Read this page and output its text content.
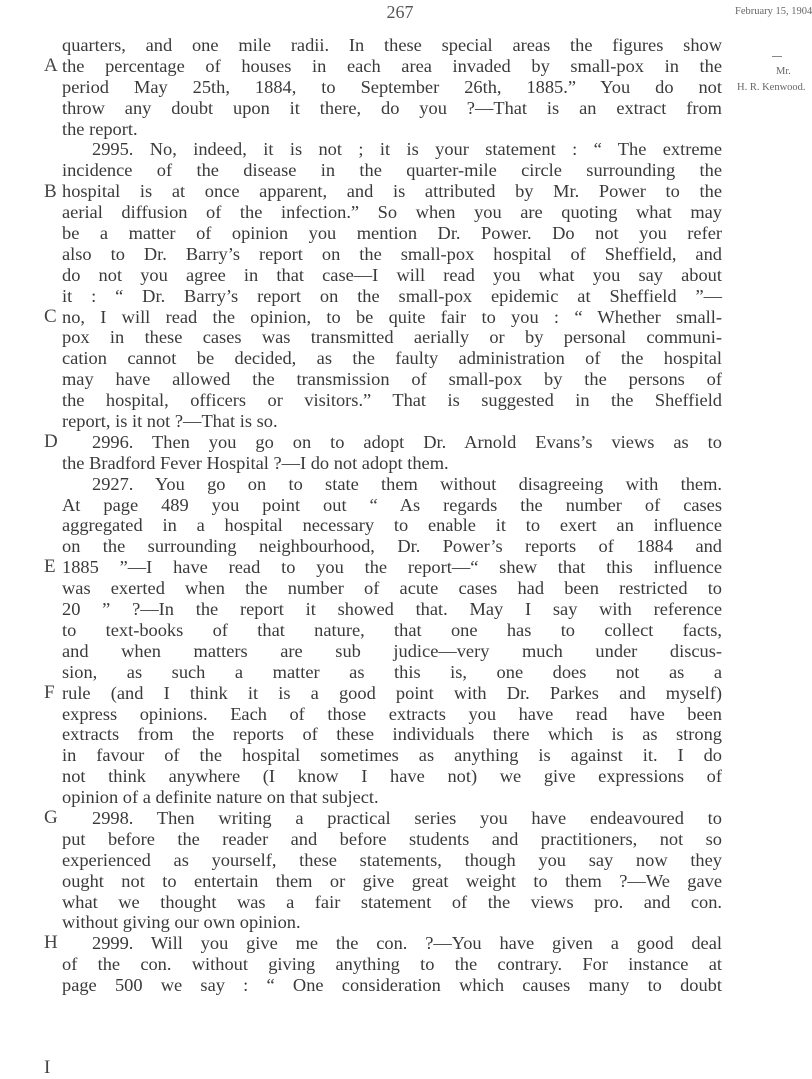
267	February 15, 1904
Mr.
H. R. Kenwood.
A
B
C
D
E
F
G
H
I
quarters, and one mile radii. In these special areas the figures show
the percentage of houses in each area invaded by small-pox in the
period May 25th, 1884, to September 26th, 1885.” You do not
throw any doubt upon it there, do you ?—That is an extract from
the report.
2995. No, indeed, it is not ; it is your statement : “ The extreme
incidence of the disease in the quarter-mile circle surrounding the
hospital is at once apparent, and is attributed by Mr. Power to the
aerial diffusion of the infection.” So when you are quoting what may
be a matter of opinion you mention Dr. Power. Do not you refer
also to Dr. Barry’s report on the small-pox hospital of Sheffield, and
do not you agree in that case—I will read you what you say about
it : “ Dr. Barry’s report on the small-pox epidemic at Sheffield ”—
no, I will read the opinion, to be quite fair to you : “ Whether small-
pox in these cases was transmitted aerially or by personal communi-
cation cannot be decided, as the faulty administration of the hospital
may have allowed the transmission of small-pox by the persons of
the hospital, officers or visitors.” That is suggested in the Sheffield
report, is it not ?—That is so.
2996. Then you go on to adopt Dr. Arnold Evans’s views as to
the Bradford Fever Hospital ?—I do not adopt them.
2927. You go on to state them without disagreeing with them.
At page 489 you point out “ As regards the number of cases
aggregated in a hospital necessary to enable it to exert an influence
on the surrounding neighbourhood, Dr. Power’s reports of 1884 and
1885 ”—I have read to you the report—“ shew that this influence
was exerted when the number of acute cases had been restricted to
20 ” ?—In the report it showed that. May I say with reference
to text-books of that nature, that one has to collect facts,
and when matters are sub judice—very much under discus-
sion, as such a matter as this is, one does not as a
rule (and I think it is a good point with Dr. Parkes and myself)
express opinions. Each of those extracts you have read have been
extracts from the reports of these individuals there which is as strong
in favour of the hospital sometimes as anything is against it. I do
not think anywhere (I know I have not) we give expressions of
opinion of a definite nature on that subject.
2998. Then writing a practical series you have endeavoured to
put before the reader and before students and practitioners, not so
experienced as yourself, these statements, though you say now they
ought not to entertain them or give great weight to them ?—We gave
what we thought was a fair statement of the views pro. and con.
without giving our own opinion.
2999. Will you give me the con. ?—You have given a good deal
of the con. without giving anything to the contrary. For instance at
page 500 we say : “ One consideration which causes many to doubt
